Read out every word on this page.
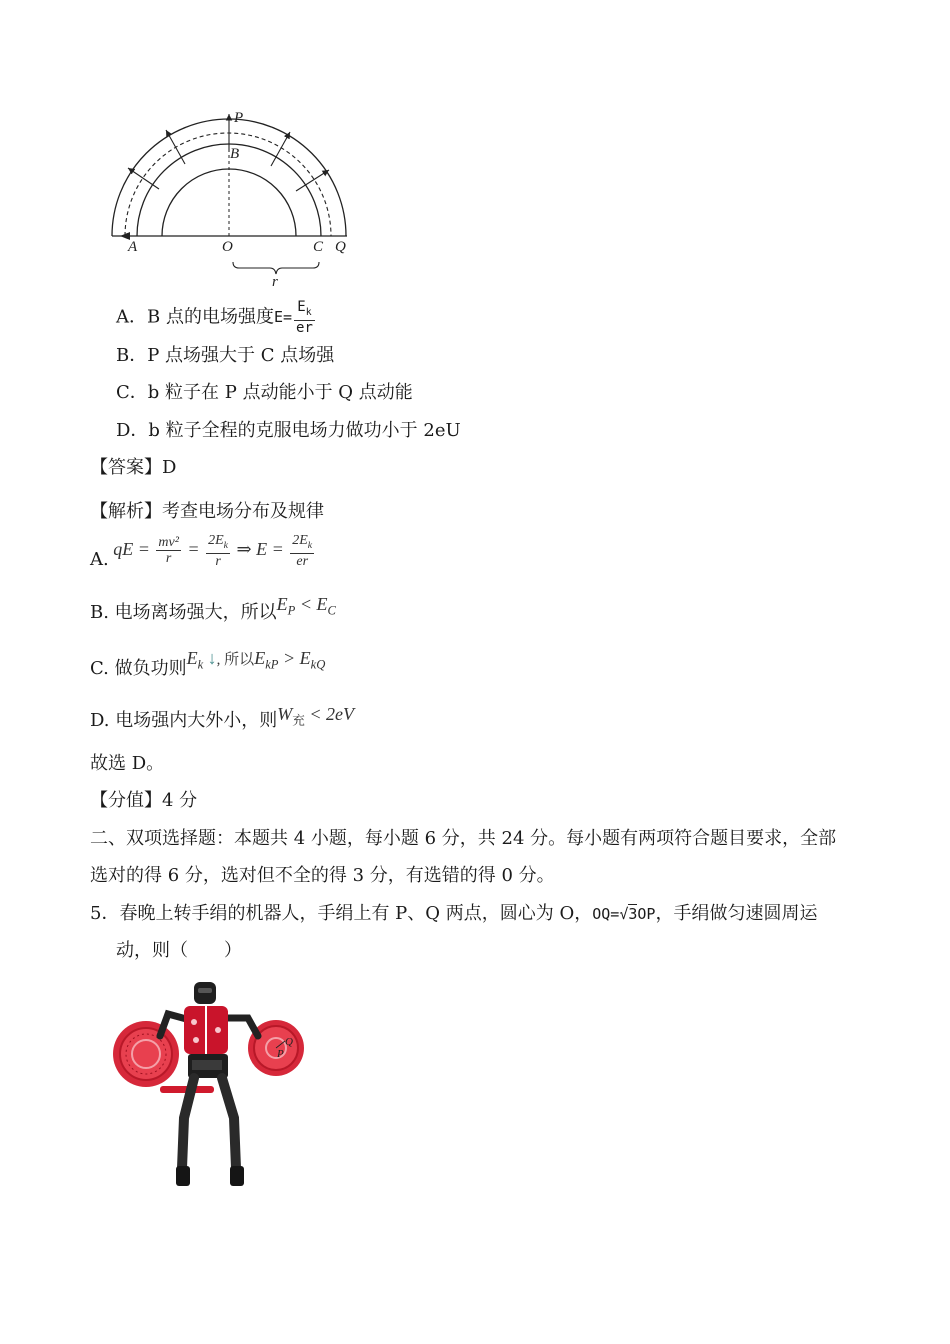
P
B
A	O	C Q
r
A．B 点的电场强度$E= \frac{E_k}{er}$
B．P 点场强大于 C 点场强
C．b 粒子在 P 点动能小于 Q 点动能
D．b 粒子全程的克服电场力做功小于 2eU
【答案】D
【解析】考查电场分布及规律
A. qE = $\frac{\text{mv²}}{r} = \frac{2E_k}{r}$ ⇒ $E = \frac{2E_k}{er}$
B. 电场离场强大，所以$E_P < E_C$
C. 做负功则$E_k$ ↓, 所以$E_{kP} > E_{kQ}$
D. 电场强内大外小，则$W_充 < 2eV$
故选 D。
【分值】4 分
二、双项选择题：本题共 4 小题，每小题 6 分，共 24 分。每小题有两项符合题目要求，全部
选对的得 6 分，选对但不全的得 3 分，有选错的得 0 分。
5．春晚上转手绢的机器人，手绢上有 P、Q 两点，圆心为 O，OQ=√3OP，手绢做匀速圆周运
动，则（　　）
Q
P
